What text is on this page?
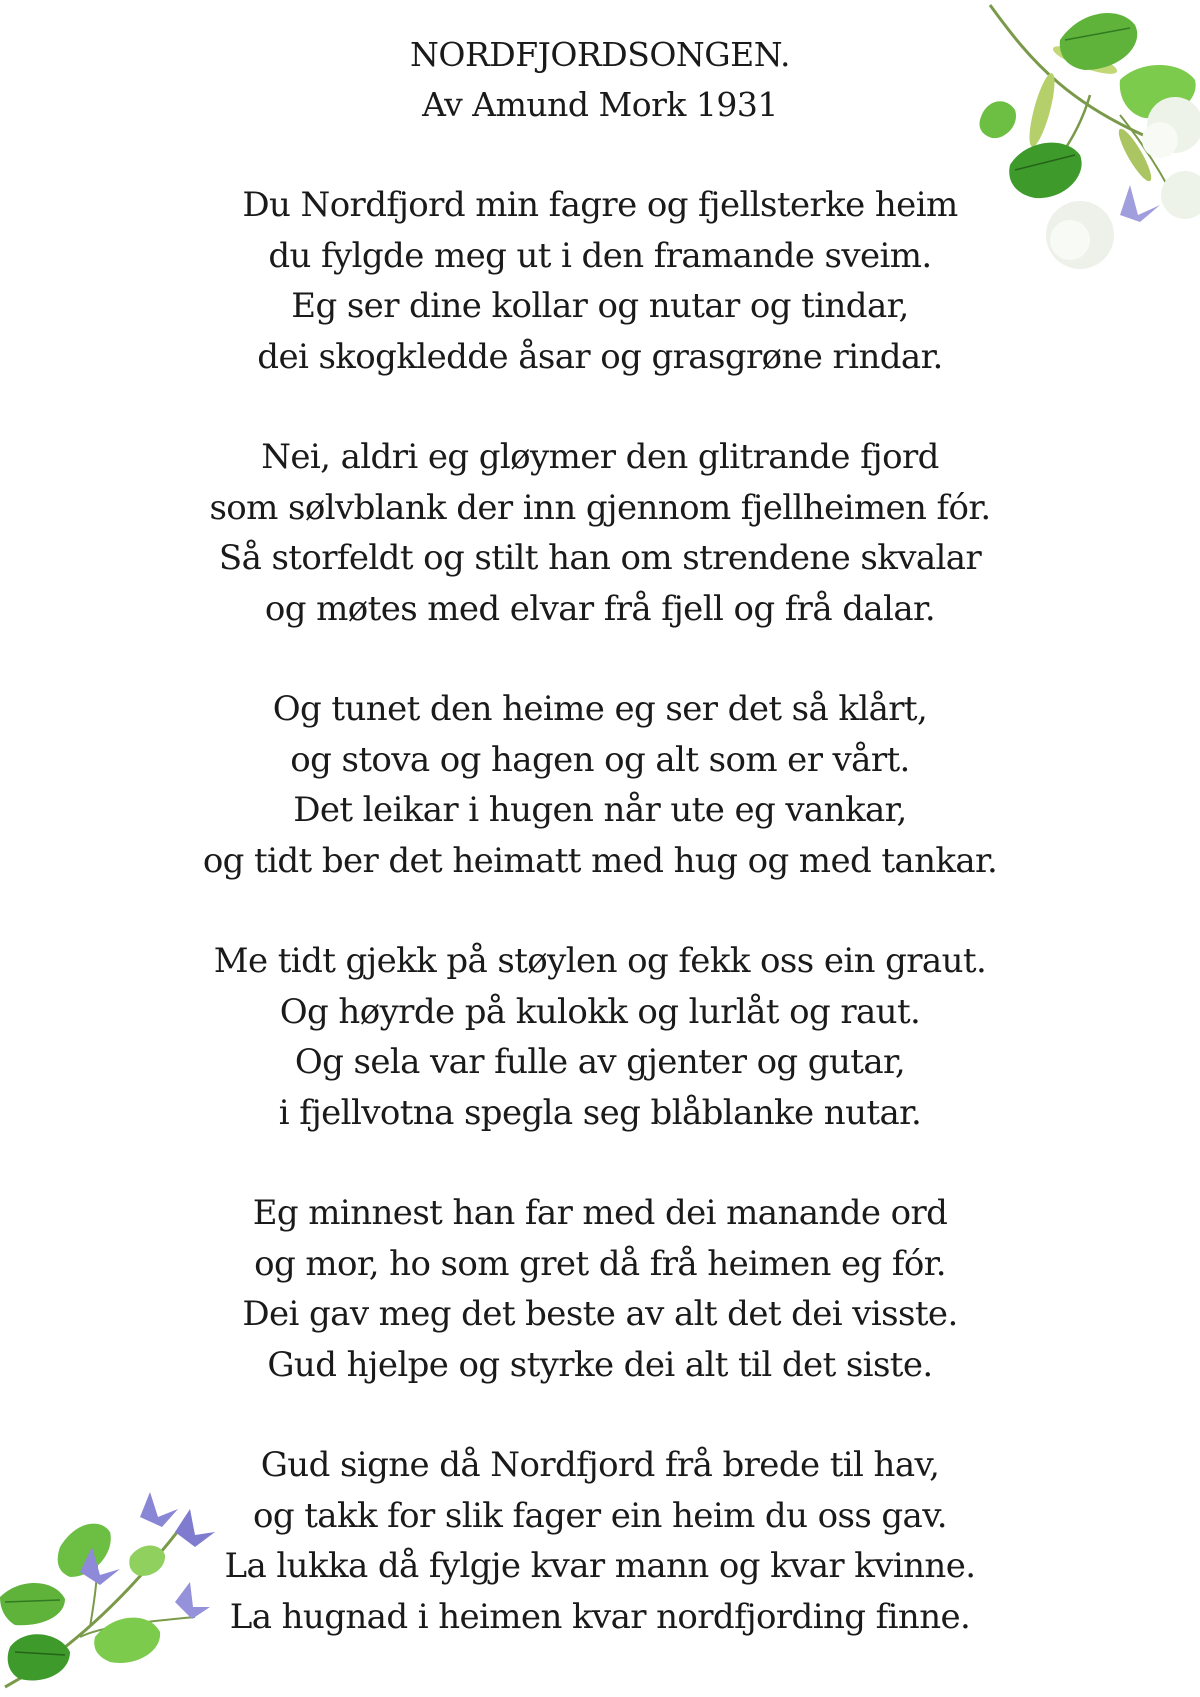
NORDFJORDSONGEN.
Av Amund Mork 1931
Du Nordfjord min fagre og fjellsterke heim
du fylgde meg ut i den framande sveim.
Eg ser dine kollar og nutar og tindar,
dei skogkledde åsar og grasgrøne rindar.
Nei, aldri eg gløymer den glitrande fjord
som sølvblank der inn gjennom fjellheimen fór.
Så storfeldt og stilt han om strendene skvalar
og møtes med elvar frå fjell og frå dalar.
Og tunet den heime eg ser det så klårt,
og stova og hagen og alt som er vårt.
Det leikar i hugen når ute eg vankar,
og tidt ber det heimatt med hug og med tankar.
Me tidt gjekk på støylen og fekk oss ein graut.
Og høyrde på kulokk og lurlåt og raut.
Og sela var fulle av gjenter og gutar,
i fjellvotna spegla seg blåblanke nutar.
Eg minnest han far med dei manande ord
og mor, ho som gret då frå heimen eg fór.
Dei gav meg det beste av alt det dei visste.
Gud hjelpe og styrke dei alt til det siste.
Gud signe då Nordfjord frå brede til hav,
og takk for slik fager ein heim du oss gav.
La lukka då fylgje kvar mann og kvar kvinne.
La hugnad i heimen kvar nordfjording finne.
